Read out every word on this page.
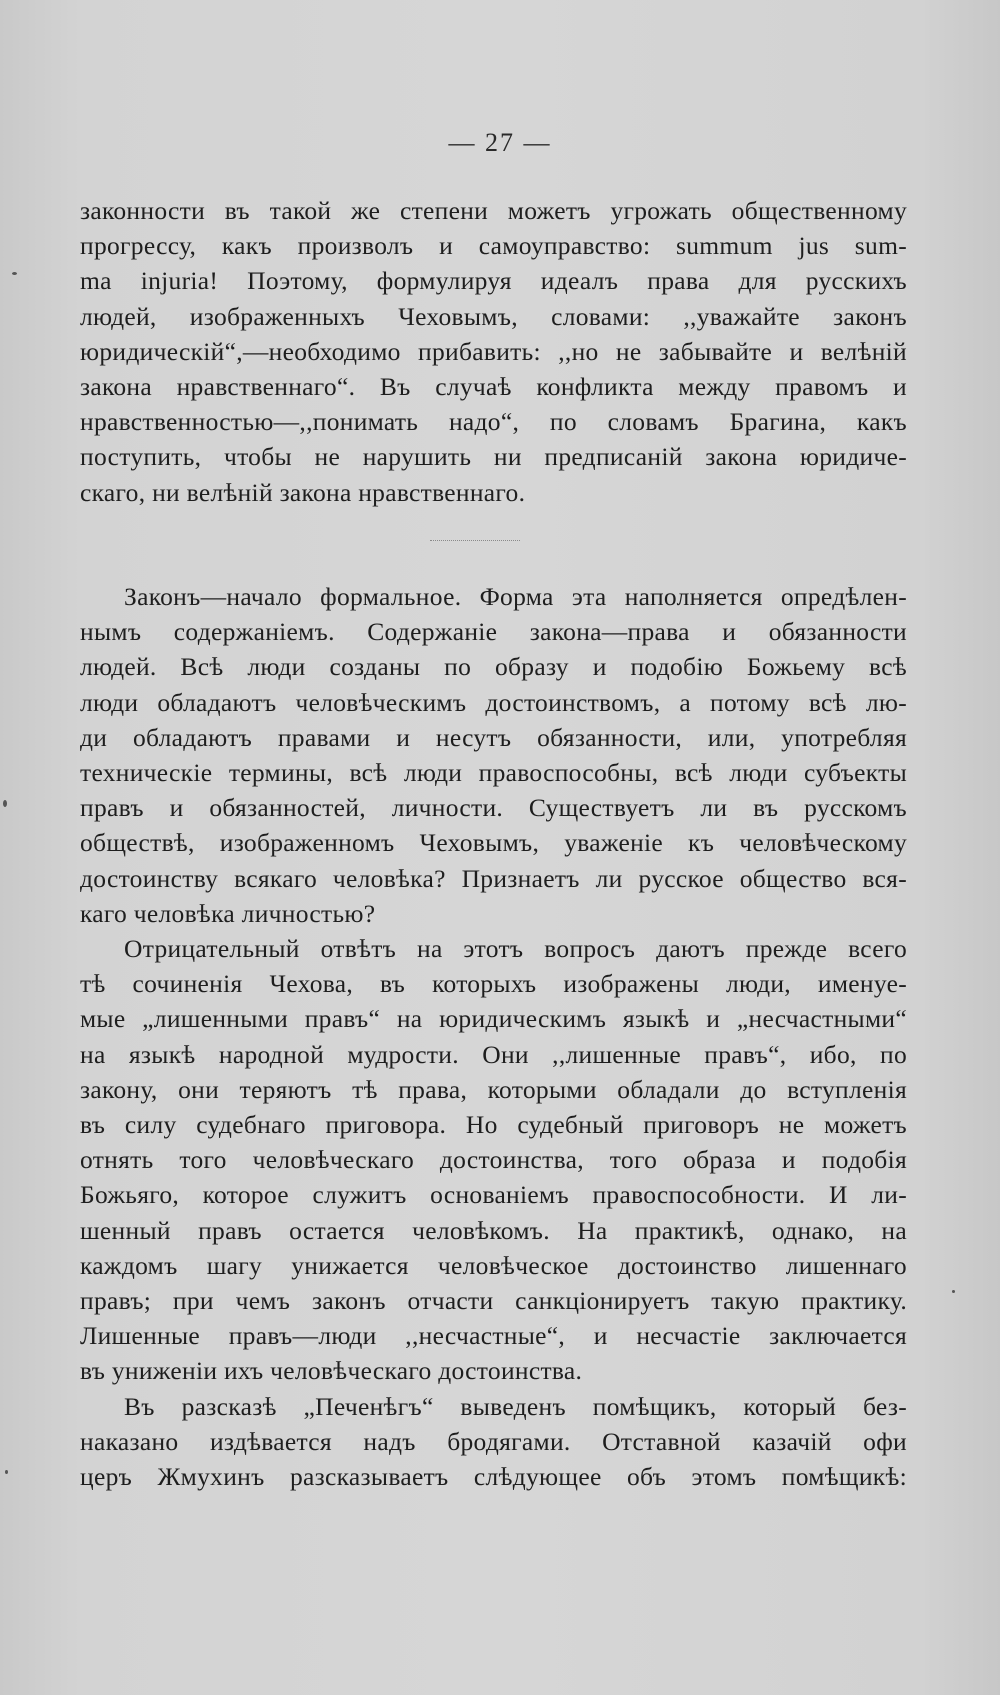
— 27 —
законности въ такой же степени можетъ угрожать общественному
прогрессу, какъ произволъ и самоуправство: summum jus sum-
ma injuria! Поэтому, формулируя идеалъ права для русскихъ
людей, изображенныхъ Чеховымъ, словами: ,,уважайте законъ
юридическій“,—необходимо прибавить: ,,но не забывайте и велѣній
закона нравственнаго“. Въ случаѣ конфликта между правомъ и
нравственностью—,,понимать надо“, по словамъ Брагина, какъ
поступить, чтобы не нарушить ни предписаній закона юридиче-
скаго, ни велѣній закона нравственнаго.
Законъ—начало формальное. Форма эта наполняется опредѣлен-
нымъ содержаніемъ. Содержаніе закона—права и обязанности
людей. Всѣ люди созданы по образу и подобію Божьему всѣ
люди обладаютъ человѣческимъ достоинствомъ, а потому всѣ лю-
ди обладаютъ правами и несутъ обязанности, или, употребляя
техническіе термины, всѣ люди правоспособны, всѣ люди субъекты
правъ и обязанностей, личности. Существуетъ ли въ русскомъ
обществѣ, изображенномъ Чеховымъ, уваженіе къ человѣческому
достоинству всякаго человѣка? Признаетъ ли русское общество вся-
каго человѣка личностью?
Отрицательный отвѣтъ на этотъ вопросъ даютъ прежде всего
тѣ сочиненія Чехова, въ которыхъ изображены люди, именуе-
мые „лишенными правъ“ на юридическимъ языкѣ и „несчастными“
на языкѣ народной мудрости. Они ,,лишенные правъ“, ибо, по
закону, они теряютъ тѣ права, которыми обладали до вступленія
въ силу судебнаго приговора. Но судебный приговоръ не можетъ
отнять того человѣческаго достоинства, того образа и подобія
Божьяго, которое служитъ основаніемъ правоспособности. И ли-
шенный правъ остается человѣкомъ. На практикѣ, однако, на
каждомъ шагу унижается человѣческое достоинство лишеннаго
правъ; при чемъ законъ отчасти санкціонируетъ такую практику.
Лишенные правъ—люди ,,несчастные“, и несчастіе заключается
въ униженіи ихъ человѣческаго достоинства.
Въ разсказѣ „Печенѣгъ“ выведенъ помѣщикъ, который без-
наказано издѣвается надъ бродягами. Отставной казачій офи
церъ Жмухинъ разсказываетъ слѣдующее объ этомъ помѣщикѣ:
